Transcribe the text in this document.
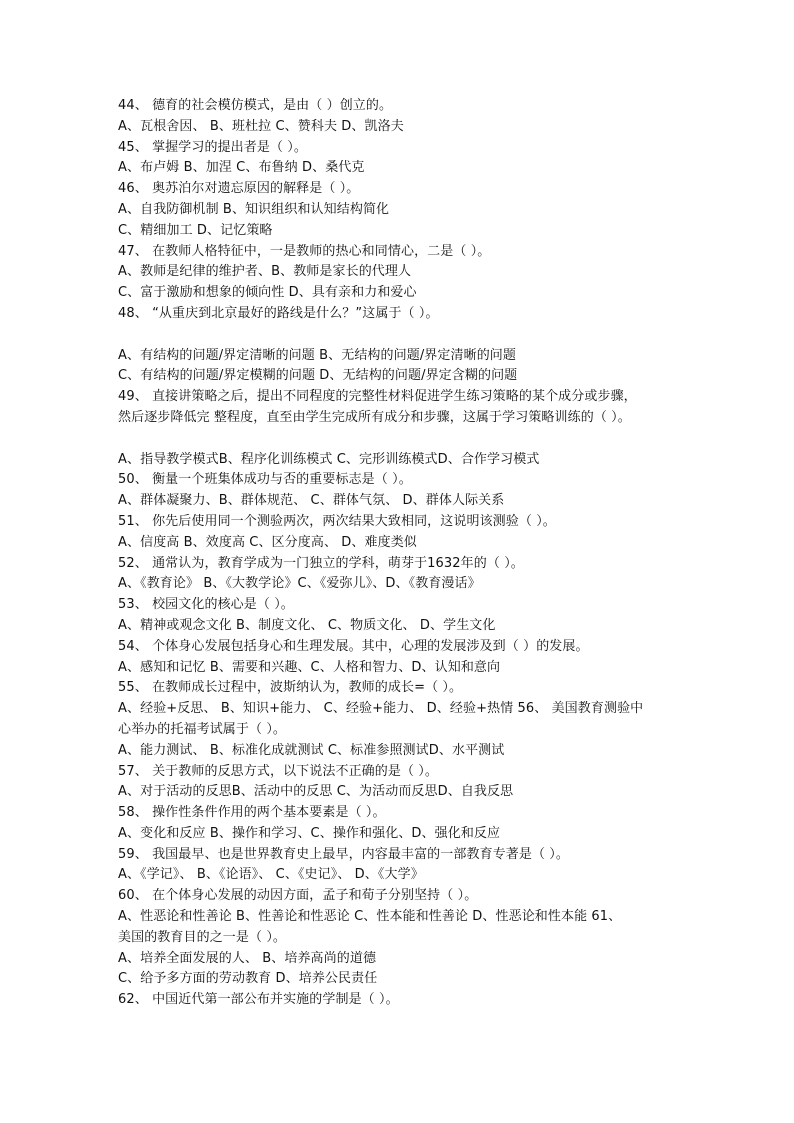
44、 德育的社会模仿模式，是由（ ）创立的。
A、瓦根舍因、 B、班杜拉 C、赞科夫 D、凯洛夫
45、 掌握学习的提出者是（ ）。
A、布卢姆 B、加涅 C、布鲁纳 D、桑代克
46、 奥苏泊尔对遗忘原因的解释是（ ）。
A、自我防御机制 B、知识组织和认知结构简化
C、精细加工 D、记忆策略
47、 在教师人格特征中，一是教师的热心和同情心，二是（ ）。
A、教师是纪律的维护者、B、教师是家长的代理人
C、富于激励和想象的倾向性 D、具有亲和力和爱心
48、 “从重庆到北京最好的路线是什么？”这属于（ ）。
A、有结构的问题/界定清晰的问题 B、无结构的问题/界定清晰的问题
C、有结构的问题/界定模糊的问题 D、无结构的问题/界定含糊的问题
49、 直接讲策略之后，提出不同程度的完整性材料促进学生练习策略的某个成分或步骤，
然后逐步降低完 整程度，直至由学生完成所有成分和步骤，这属于学习策略训练的（ ）。
A、指导教学模式B、程序化训练模式 C、完形训练模式D、合作学习模式
50、 衡量一个班集体成功与否的重要标志是（ ）。
A、群体凝聚力、B、群体规范、 C、群体气氛、 D、群体人际关系
51、 你先后使用同一个测验两次，两次结果大致相同，这说明该测验（ ）。
A、信度高 B、效度高 C、区分度高、 D、难度类似
52、 通常认为，教育学成为一门独立的学科，萌芽于1632年的（ ）。
A、《教育论》 B、《大教学论》C、《爱弥儿》、D、《教育漫话》
53、 校园文化的核心是（ ）。
A、精神或观念文化 B、制度文化、 C、物质文化、 D、学生文化
54、 个体身心发展包括身心和生理发展。其中，心理的发展涉及到（ ）的发展。
A、感知和记忆 B、需要和兴趣、C、人格和智力、D、认知和意向
55、 在教师成长过程中，波斯纳认为，教师的成长=（ ）。
A、经验+反思、 B、知识+能力、 C、经验+能力、 D、经验+热情 56、 美国教育测验中
心举办的托福考试属于（ ）。
A、能力测试、 B、标准化成就测试 C、标准参照测试D、水平测试
57、 关于教师的反思方式，以下说法不正确的是（ ）。
A、对于活动的反思B、活动中的反思 C、为活动而反思D、自我反思
58、 操作性条件作用的两个基本要素是（ ）。
A、变化和反应 B、操作和学习、C、操作和强化、D、强化和反应
59、 我国最早、也是世界教育史上最早，内容最丰富的一部教育专著是（ ）。
A、《学记》、 B、《论语》、 C、《史记》、 D、《大学》
60、 在个体身心发展的动因方面，孟子和荀子分别坚持（ ）。
A、性恶论和性善论 B、性善论和性恶论 C、性本能和性善论 D、性恶论和性本能 61、
美国的教育目的之一是（ ）。
A、培养全面发展的人、 B、培养高尚的道德
C、给予多方面的劳动教育 D、培养公民责任
62、 中国近代第一部公布并实施的学制是（ ）。
